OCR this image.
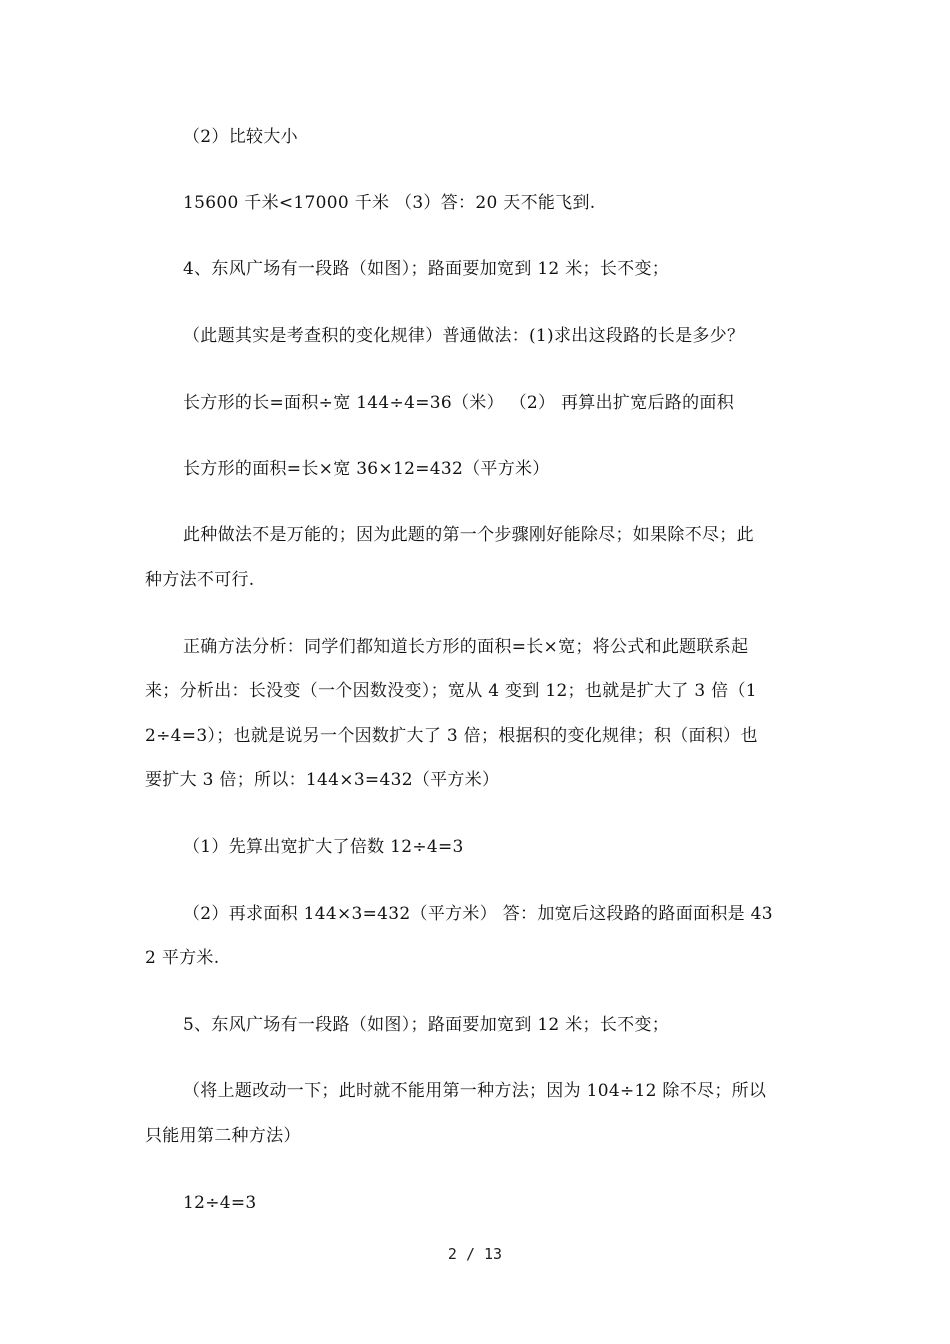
（2）比较大小
15600 千米<17000 千米 （3）答：20 天不能飞到.
4、东风广场有一段路（如图）；路面要加宽到 12 米；长不变；
（此题其实是考查积的变化规律）普通做法：(1)求出这段路的长是多少？
长方形的长=面积÷宽 144÷4=36（米） （2） 再算出扩宽后路的面积
长方形的面积=长×宽 36×12=432（平方米）
此种做法不是万能的；因为此题的第一个步骤刚好能除尽；如果除不尽；此
种方法不可行.
正确方法分析：同学们都知道长方形的面积=长×宽；将公式和此题联系起
来；分析出：长没变（一个因数没变）；宽从 4 变到 12；也就是扩大了 3 倍（1
2÷4=3）；也就是说另一个因数扩大了 3 倍；根据积的变化规律；积（面积）也
要扩大 3 倍；所以：144×3=432（平方米）
（1）先算出宽扩大了倍数 12÷4=3
（2）再求面积 144×3=432（平方米） 答：加宽后这段路的路面面积是 43
2 平方米.
5、东风广场有一段路（如图）；路面要加宽到 12 米；长不变；
（将上题改动一下；此时就不能用第一种方法；因为 104÷12 除不尽；所以
只能用第二种方法）
12÷4=3
2 / 13
